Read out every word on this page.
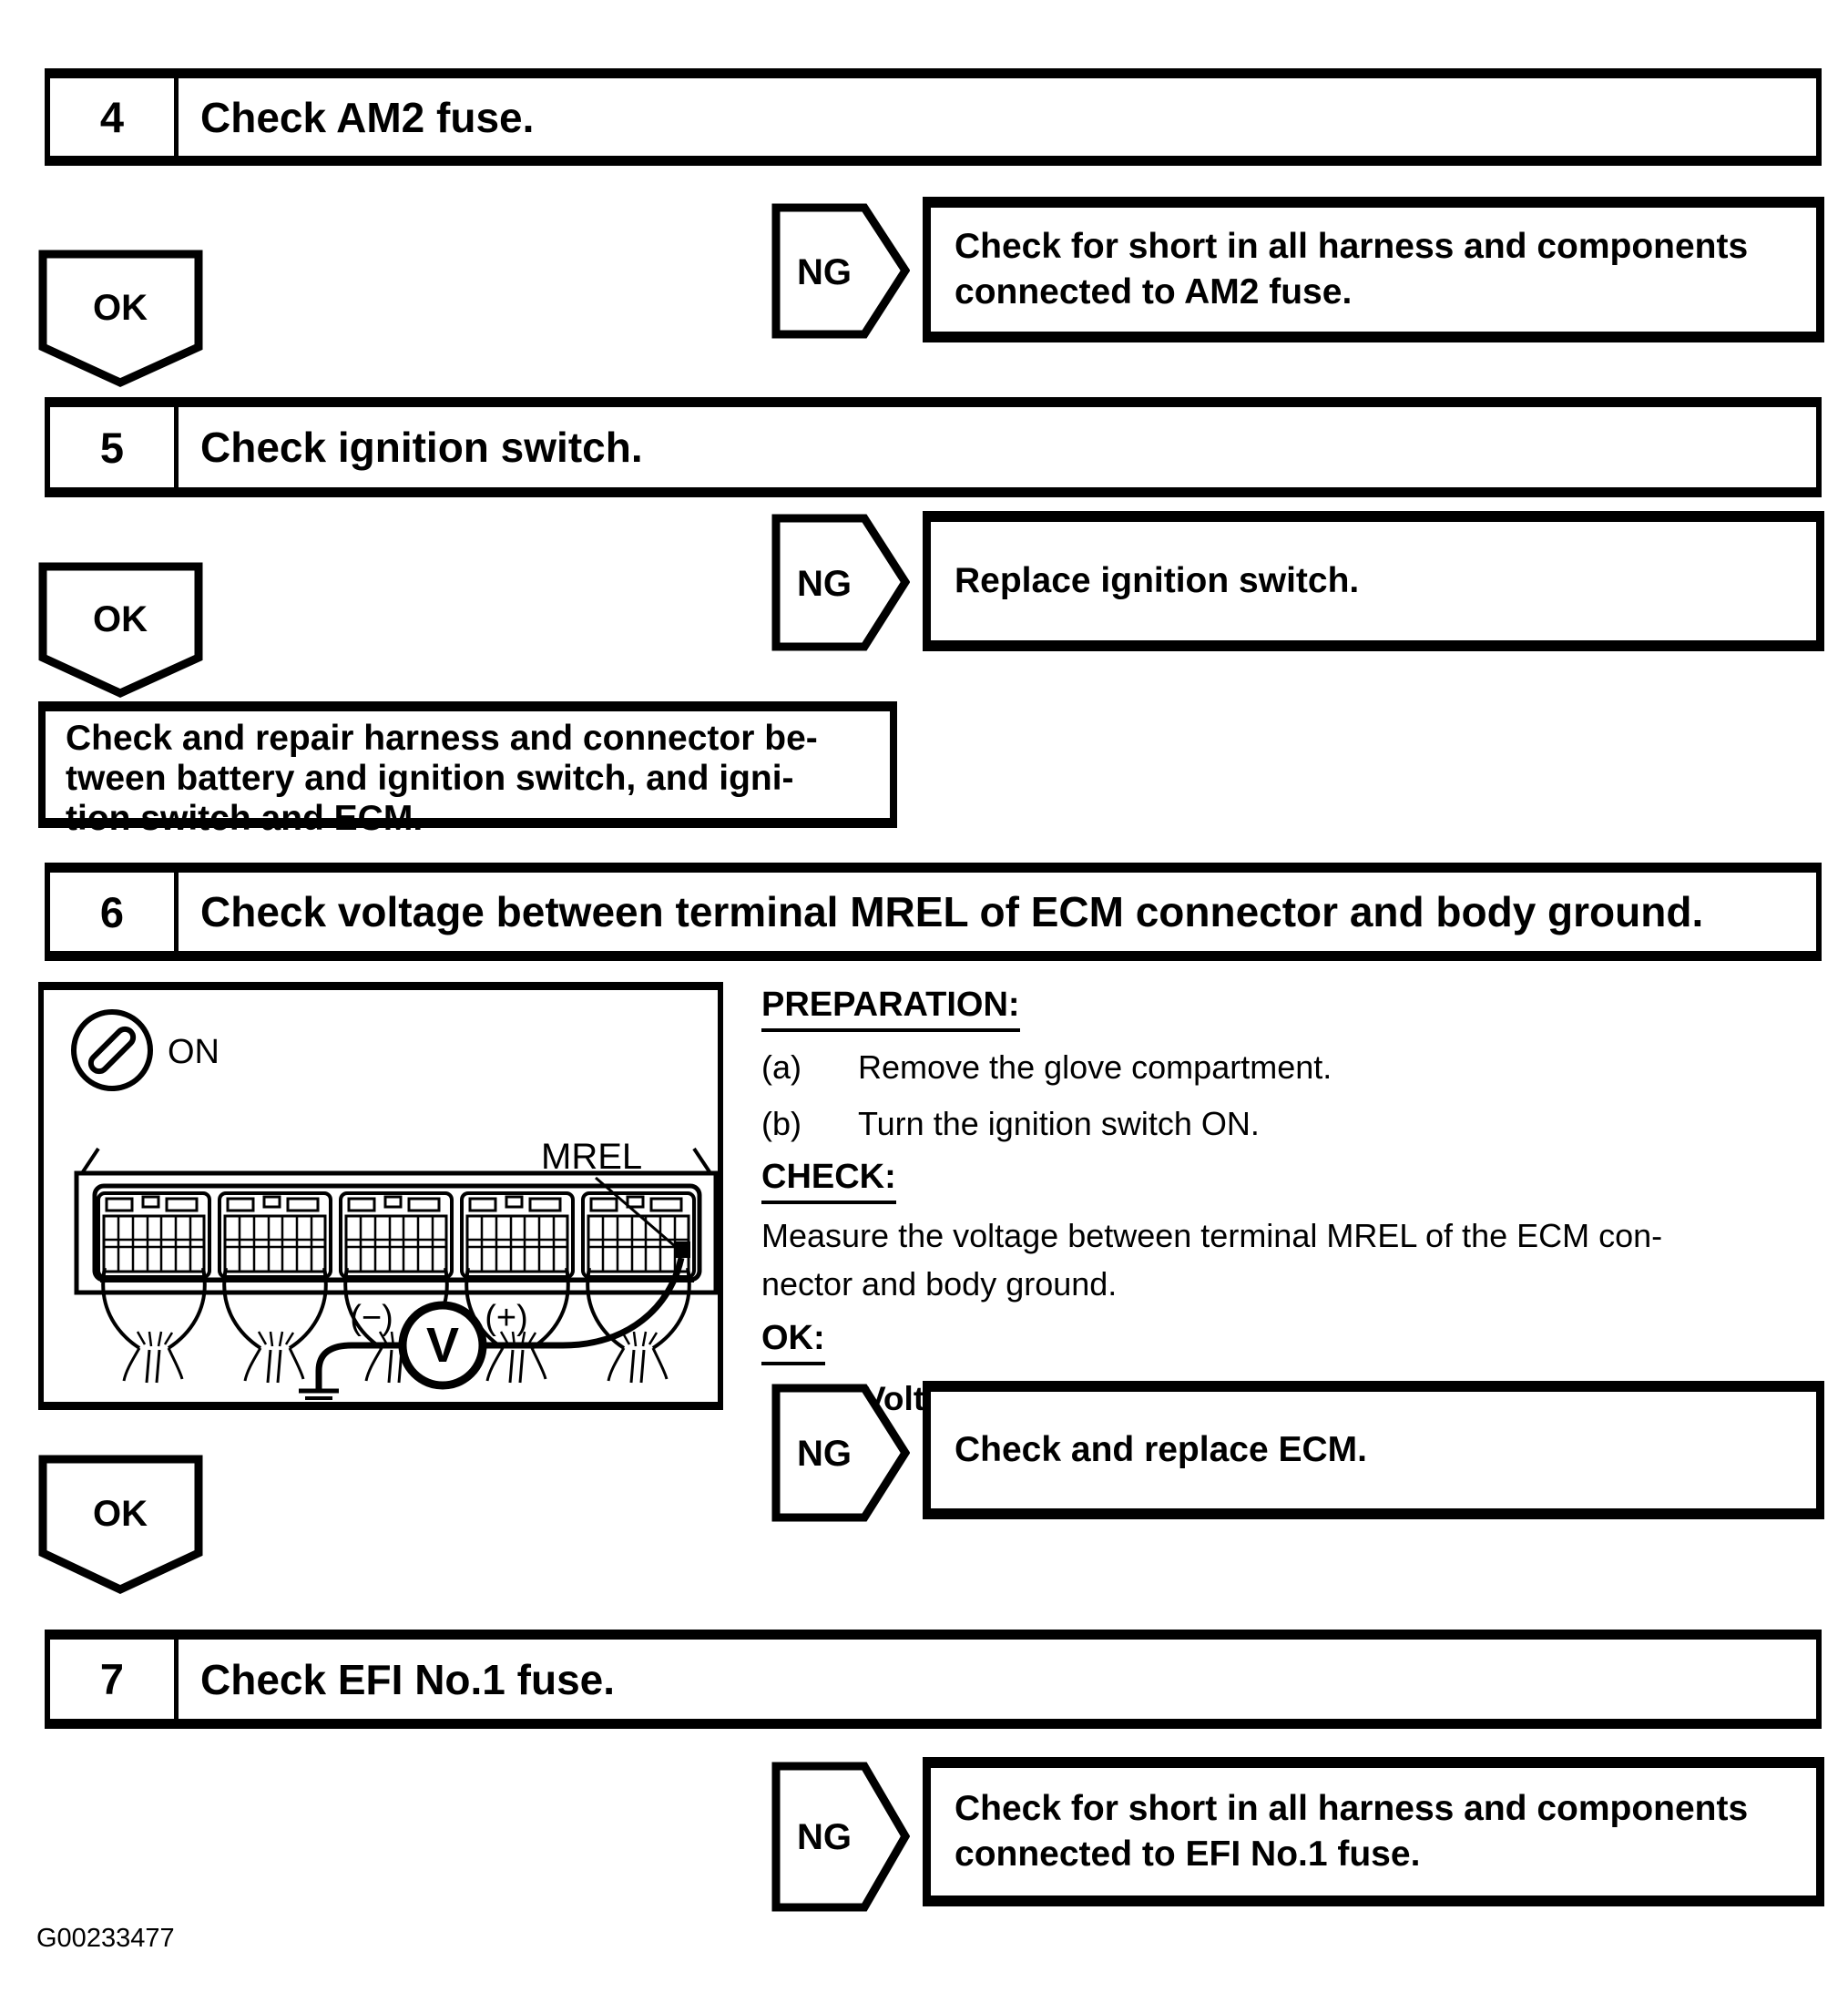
4	Check AM2 fuse.
NG
Check for short in all harness and components
connected to AM2 fuse.
OK
5	Check ignition switch.
NG	Replace ignition switch.
OK
Check and repair harness and connector be-
tween battery and ignition switch, and igni-
tion switch and ECM.
6	Check voltage between terminal MREL of ECM connector and body ground.
ON
MREL
V
(−)	(+)
PREPARATION:
(a)	Remove the glove compartment.
(b)	Turn the ignition switch ON.
CHECK:
Measure the voltage between terminal MREL of the ECM con-
nector and body ground.
OK:
NG	Check and replace ECM.
OK
7	Check EFI No.1 fuse.
NG
Check for short in all harness and components
connected to EFI No.1 fuse.
G00233477
